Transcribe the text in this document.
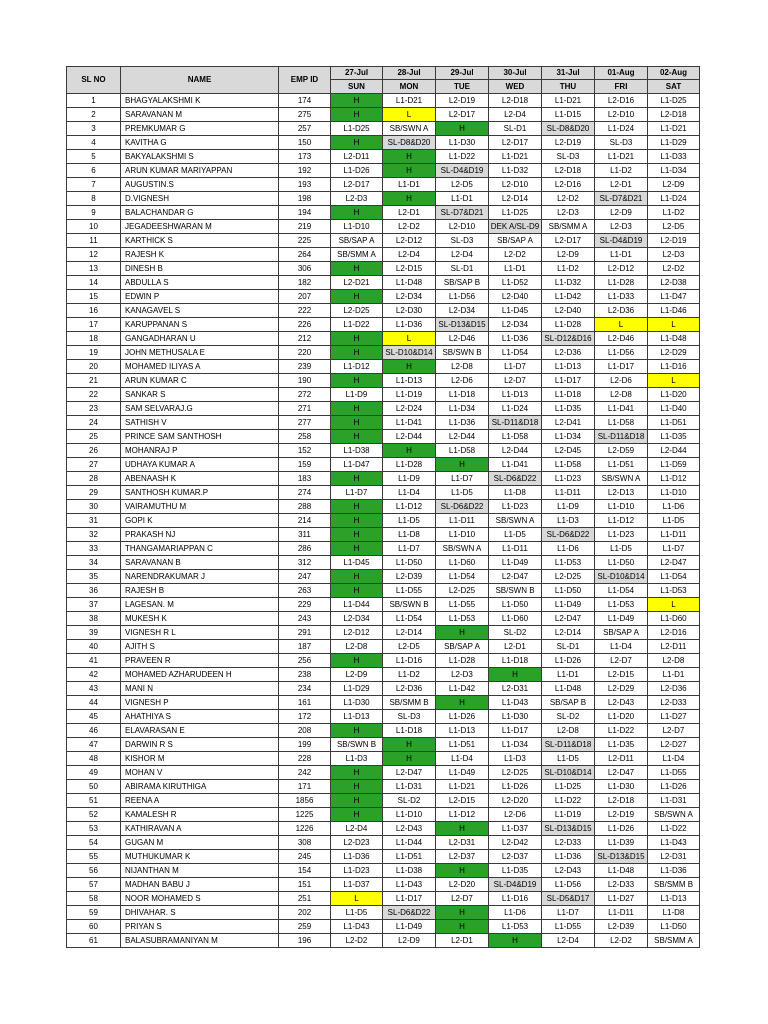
SL NO	NAME	EMP ID	27-Jul	28-Jul	29-Jul	30-Jul	31-Jul	01-Aug	02-Aug
			SUN	MON	TUE	WED	THU	FRI	SAT
1	BHAGYALAKSHMI K	174	H	L1-D21	L2-D19	L2-D18	L1-D21	L2-D16	L1-D25
2	SARAVANAN M	275	H	L	L2-D17	L2-D4	L1-D15	L2-D10	L2-D18
3	PREMKUMAR G	257	L1-D25	SB/SWN A	H	SL-D1	SL-D8&D20	L1-D24	L1-D21
4	KAVITHA G	150	H	SL-D8&D20	L1-D30	L2-D17	L2-D19	SL-D3	L1-D29
5	BAKYALAKSHMI S	173	L2-D11	H	L1-D22	L1-D21	SL-D3	L1-D21	L1-D33
6	ARUN KUMAR MARIYAPPAN	192	L1-D26	H	SL-D4&D19	L1-D32	L2-D18	L1-D2	L1-D34
7	AUGUSTIN.S	193	L2-D17	L1-D1	L2-D5	L2-D10	L2-D16	L2-D1	L2-D9
8	D.VIGNESH	198	L2-D3	H	L1-D1	L2-D14	L2-D2	SL-D7&D21	L1-D24
9	BALACHANDAR G	194	H	L2-D1	SL-D7&D21	L1-D25	L2-D3	L2-D9	L1-D2
10	JEGADEESHWARAN M	219	L1-D10	L2-D2	L2-D10	DEK A/SL-D9	SB/SMM A	L2-D3	L2-D5
11	KARTHICK S	225	SB/SAP A	L2-D12	SL-D3	SB/SAP A	L2-D17	SL-D4&D19	L2-D19
12	RAJESH K	264	SB/SMM A	L2-D4	L2-D4	L2-D2	L2-D9	L1-D1	L2-D3
13	DINESH B	306	H	L2-D15	SL-D1	L1-D1	L1-D2	L2-D12	L2-D2
14	ABDULLA S	182	L2-D21	L1-D48	SB/SAP B	L1-D52	L1-D32	L1-D28	L2-D38
15	EDWIN P	207	H	L2-D34	L1-D56	L2-D40	L1-D42	L1-D33	L1-D47
16	KANAGAVEL S	222	L2-D25	L2-D30	L2-D34	L1-D45	L2-D40	L2-D36	L1-D46
17	KARUPPANAN S	226	L1-D22	L1-D36	SL-D13&D15	L2-D34	L1-D28	L	L
18	GANGADHARAN U	212	H	L	L2-D46	L1-D36	SL-D12&D16	L2-D46	L1-D48
19	JOHN METHUSALA E	220	H	SL-D10&D14	SB/SWN B	L1-D54	L2-D36	L1-D56	L2-D29
20	MOHAMED ILIYAS A	239	L1-D12	H	L2-D8	L1-D7	L1-D13	L1-D17	L1-D16
21	ARUN KUMAR C	190	H	L1-D13	L2-D6	L2-D7	L1-D17	L2-D6	L
22	SANKAR S	272	L1-D9	L1-D19	L1-D18	L1-D13	L1-D18	L2-D8	L1-D20
23	SAM SELVARAJ.G	271	H	L2-D24	L1-D34	L1-D24	L1-D35	L1-D41	L1-D40
24	SATHISH V	277	H	L1-D41	L1-D36	SL-D11&D18	L2-D41	L1-D58	L1-D51
25	PRINCE SAM SANTHOSH	258	H	L2-D44	L2-D44	L1-D58	L1-D34	SL-D11&D18	L1-D35
26	MOHANRAJ P	152	L1-D38	H	L1-D58	L2-D44	L2-D45	L2-D59	L2-D44
27	UDHAYA KUMAR A	159	L1-D47	L1-D28	H	L1-D41	L1-D58	L1-D51	L1-D59
28	ABENAASH K	183	H	L1-D9	L1-D7	SL-D6&D22	L1-D23	SB/SWN A	L1-D12
29	SANTHOSH KUMAR.P	274	L1-D7	L1-D4	L1-D5	L1-D8	L1-D11	L2-D13	L1-D10
30	VAIRAMUTHU M	288	H	L1-D12	SL-D6&D22	L1-D23	L1-D9	L1-D10	L1-D6
31	GOPI K	214	H	L1-D5	L1-D11	SB/SWN A	L1-D3	L1-D12	L1-D5
32	PRAKASH NJ	311	H	L1-D8	L1-D10	L1-D5	SL-D6&D22	L1-D23	L1-D11
33	THANGAMARIAPPAN C	286	H	L1-D7	SB/SWN A	L1-D11	L1-D6	L1-D5	L1-D7
34	SARAVANAN B	312	L1-D45	L1-D50	L1-D60	L1-D49	L1-D53	L1-D50	L2-D47
35	NARENDRAKUMAR J	247	H	L2-D39	L1-D54	L2-D47	L2-D25	SL-D10&D14	L1-D54
36	RAJESH B	263	H	L1-D55	L2-D25	SB/SWN B	L1-D50	L1-D54	L1-D53
37	LAGESAN. M	229	L1-D44	SB/SWN B	L1-D55	L1-D50	L1-D49	L1-D53	L
38	MUKESH K	243	L2-D34	L1-D54	L1-D53	L1-D60	L2-D47	L1-D49	L1-D60
39	VIGNESH R L	291	L2-D12	L2-D14	H	SL-D2	L2-D14	SB/SAP A	L2-D16
40	AJITH S	187	L2-D8	L2-D5	SB/SAP A	L2-D1	SL-D1	L1-D4	L2-D11
41	PRAVEEN R	256	H	L1-D16	L1-D28	L1-D18	L1-D26	L2-D7	L2-D8
42	MOHAMED AZHARUDEEN H	238	L2-D9	L1-D2	L2-D3	H	L1-D1	L2-D15	L1-D1
43	MANI N	234	L1-D29	L2-D36	L1-D42	L2-D31	L1-D48	L2-D29	L2-D36
44	VIGNESH P	161	L1-D30	SB/SMM B	H	L1-D43	SB/SAP B	L2-D43	L2-D33
45	AHATHIYA S	172	L1-D13	SL-D3	L1-D26	L1-D30	SL-D2	L1-D20	L1-D27
46	ELAVARASAN E	208	H	L1-D18	L1-D13	L1-D17	L2-D8	L1-D22	L2-D7
47	DARWIN R S	199	SB/SWN B	H	L1-D51	L1-D34	SL-D11&D18	L1-D35	L2-D27
48	KISHOR M	228	L1-D3	H	L1-D4	L1-D3	L1-D5	L2-D11	L1-D4
49	MOHAN V	242	H	L2-D47	L1-D49	L2-D25	SL-D10&D14	L2-D47	L1-D55
50	ABIRAMA KIRUTHIGA	171	H	L1-D31	L1-D21	L1-D26	L1-D25	L1-D30	L1-D26
51	REENA A	1856	H	SL-D2	L2-D15	L2-D20	L1-D22	L2-D18	L1-D31
52	KAMALESH R	1225	H	L1-D10	L1-D12	L2-D6	L1-D19	L2-D19	SB/SWN A
53	KATHIRAVAN A	1226	L2-D4	L2-D43	H	L1-D37	SL-D13&D15	L1-D26	L1-D22
54	GUGAN M	308	L2-D23	L1-D44	L2-D31	L2-D42	L2-D33	L1-D39	L1-D43
55	MUTHUKUMAR K	245	L1-D36	L1-D51	L2-D37	L2-D37	L1-D36	SL-D13&D15	L2-D31
56	NIJANTHAN M	154	L1-D23	L1-D38	H	L1-D35	L2-D43	L1-D48	L1-D36
57	MADHAN BABU J	151	L1-D37	L1-D43	L2-D20	SL-D4&D19	L1-D56	L2-D33	SB/SMM B
58	NOOR MOHAMED S	251	L	L1-D17	L2-D7	L1-D16	SL-D5&D17	L1-D27	L1-D13
59	DHIVAHAR. S	202	L1-D5	SL-D6&D22	H	L1-D6	L1-D7	L1-D11	L1-D8
60	PRIYAN S	259	L1-D43	L1-D49	H	L1-D53	L1-D55	L2-D39	L1-D50
61	BALASUBRAMANIYAN M	196	L2-D2	L2-D9	L2-D1	H	L2-D4	L2-D2	SB/SMM A
